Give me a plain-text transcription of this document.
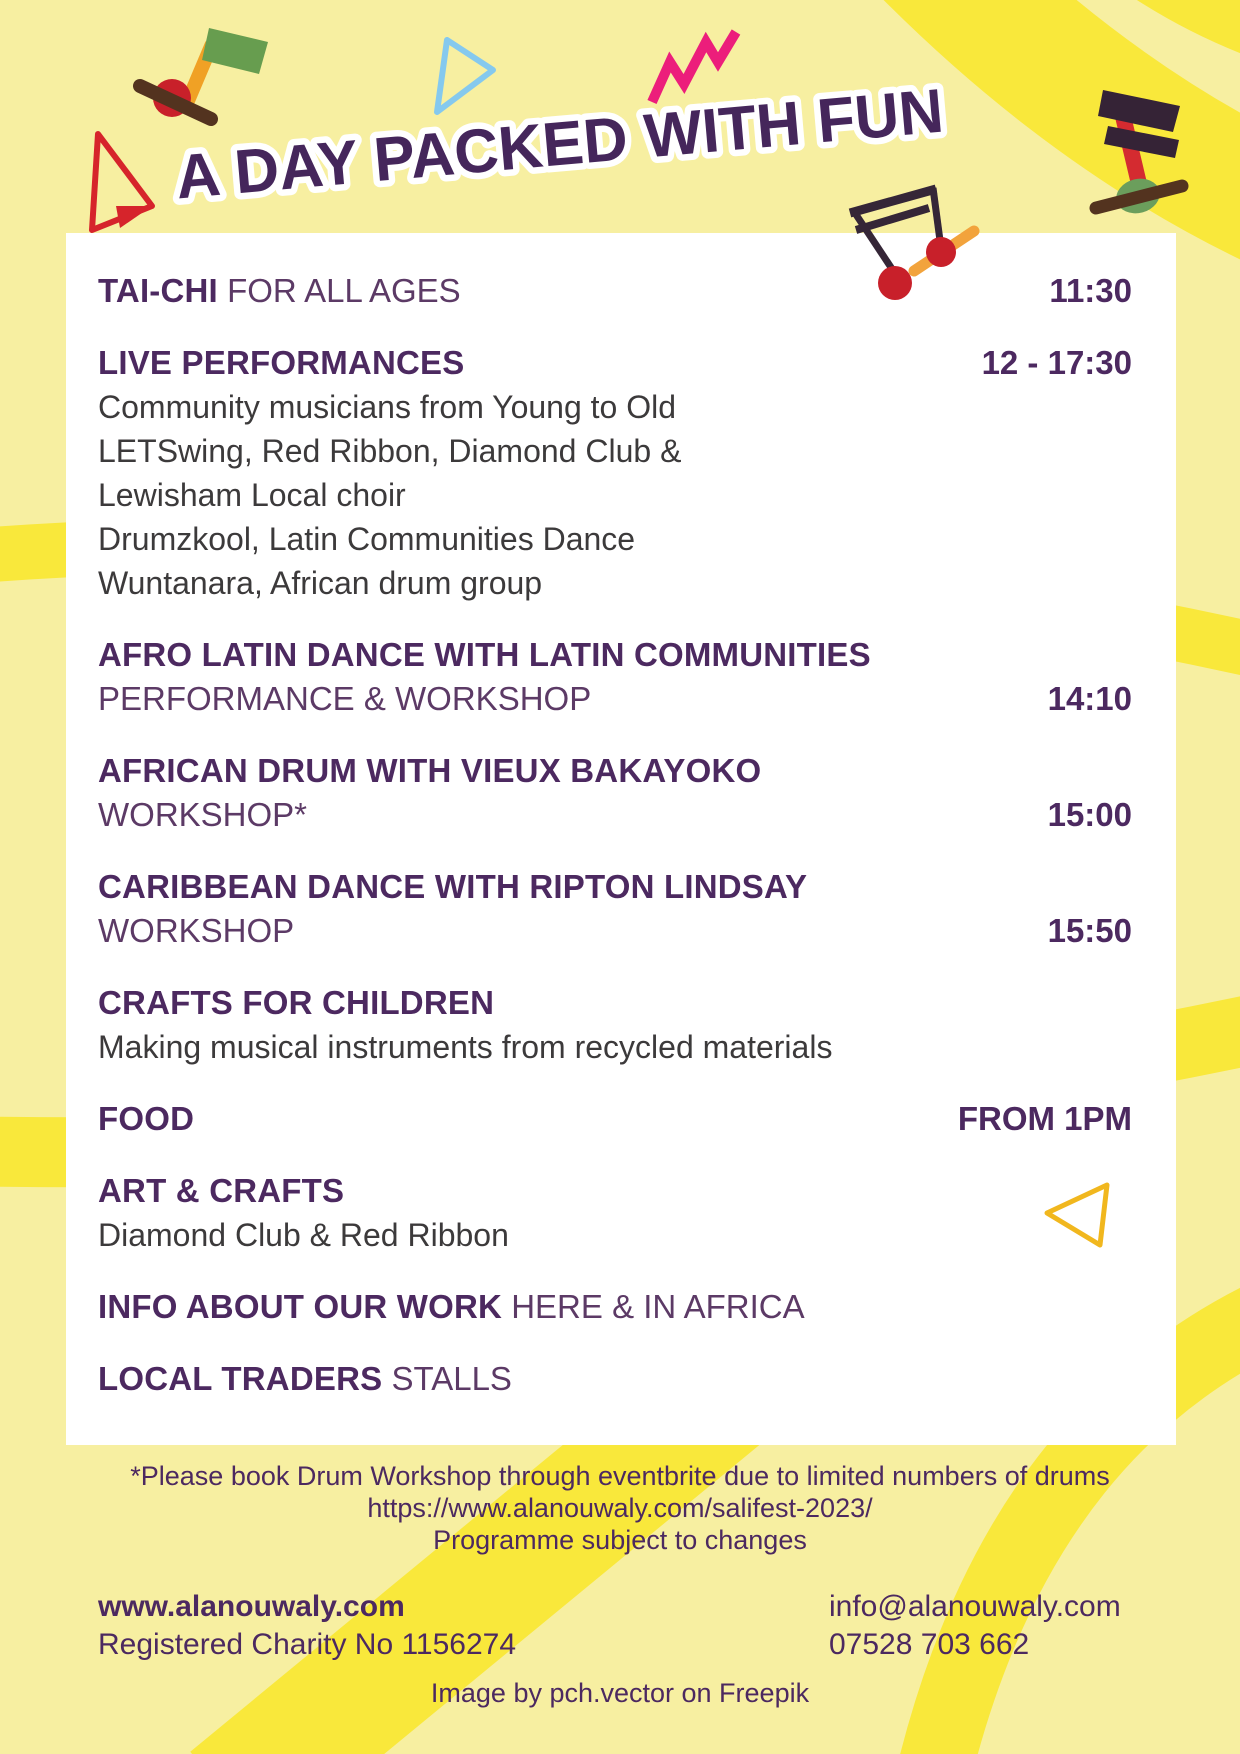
TAI-CHI FOR ALL AGES	11:30
LIVE PERFORMANCES	12 - 17:30
Community musicians from Young to Old
LETSwing, Red Ribbon, Diamond Club &
Lewisham Local choir
Drumzkool, Latin Communities Dance
Wuntanara, African drum group
AFRO LATIN DANCE WITH LATIN COMMUNITIES
PERFORMANCE & WORKSHOP	14:10
AFRICAN DRUM WITH VIEUX BAKAYOKO
WORKSHOP*	15:00
CARIBBEAN DANCE WITH RIPTON LINDSAY
WORKSHOP	15:50
CRAFTS FOR CHILDREN
Making musical instruments from recycled materials
FOOD	FROM 1PM
ART & CRAFTS
Diamond Club & Red Ribbon
INFO ABOUT OUR WORK HERE & IN AFRICA
LOCAL TRADERS STALLS
*Please book Drum Workshop through eventbrite due to limited numbers of drums
https://www.alanouwaly.com/salifest-2023/
Programme subject to changes
www.alanouwaly.com
Registered Charity No 1156274
info@alanouwaly.com
07528 703 662
Image by pch.vector on Freepik
A DAY PACKED WITH FUN
